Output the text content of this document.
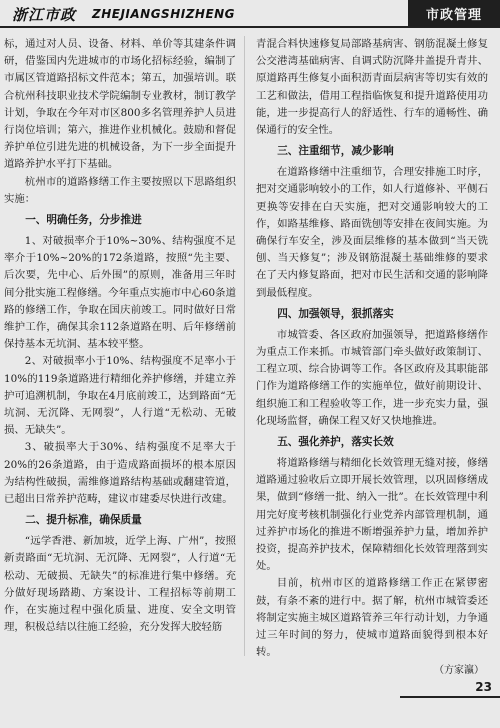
浙江市政 ZHEJIANGSHIZHENG	市政管理

标，通过对人员、设备、材料、单价等其建条件调研，借鉴国内先进城市的市场化招标经验，编制了市属区管道路招标文件范本；第五，加强培训。联合杭州科技职业技术学院编制专业教材，制订教学计划，争取在今年对市区800多名管理养护人员进行岗位培训；第六，推进作业机械化。鼓励和督促养护单位引进先进的机械设备，为下一步全面提升道路养护水平打下基础。

杭州市的道路修缮工作主要按照以下思路组织实施：

一、明确任务，分步推进

1、对破损率介于10%~30%、结构强度不足率介于10%~20%的172条道路，按照“先主要、后次要，先中心、后外围”的原则，准备用三年时间分批实施工程修缮。今年重点实施市中心60条道路的修缮工作，争取在国庆前竣工。同时做好日常维护工作，确保其余112条道路在明、后年修缮前保持基本无坑洞、基本较平整。

2、对破损率小于10%、结构强度不足率小于10%的119条道路进行精细化养护修缮，并建立养护可追溯机制，争取在4月底前竣工，达到路面“无坑洞、无沉降、无网裂”，人行道“无松动、无破损、无缺失”。

3、破损率大于30%、结构强度不足率大于20%的26条道路，由于造成路面损坏的根本原因为结构性破损，需维修道路结构基础或翻建管道，已超出日常养护范畴，建议市建委尽快进行改建。

二、提升标准，确保质量

“远学香港、新加坡，近学上海、广州”，按照新责路面“无坑洞、无沉降、无网裂”，人行道“无松动、无破损、无缺失”的标准进行集中修缮。充分做好现场踏勘、方案设计、工程招标等前期工作，在实施过程中强化质量、进度、安全文明管理，积极总结以往施工经验，充分发挥大胶轻筋

青混合料快速修复局部路基病害、钢筋混凝土修复公交港湾基础病害、自调式防沉降井盖提升青井、原道路再生修复小面积沥青面层病害等切实有效的工艺和做法，借用工程指临恢复和提升道路使用功能，进一步提高行人的舒适性、行车的通畅性、确保通行的安全性。

三、注重细节，减少影响

在道路修缮中注重细节，合理安排施工时序，把对交通影响较小的工作，如人行道修补、平侧石更换等安排在白天实施，把对交通影响较大的工作，如路基维修、路面铣刨等安排在夜间实施。为确保行车安全，涉及面层维修的基本做到“当天铣刨、当天修复”；涉及钢筋混凝土基础维修的要求在了天内修复路面，把对市民生活和交通的影响降到最低程度。

四、加强领导，狠抓落实

市城管委、各区政府加强领导，把道路修缮作为重点工作来抓。市城管部门牵头做好政策制订、工程立项、综合协调等工作。各区政府及其职能部门作为道路修缮工作的实施单位，做好前期设计、组织施工和工程验收等工作，进一步充实力量，强化现场监督，确保工程又好又快地推进。

五、强化养护，落实长效

将道路修缮与精细化长效管理无缝对接，修缮道路通过验收后立即开展长效管理，以巩固修缮成果，做到“修缮一批、纳入一批”。在长效管理中利用完好度考核机制强化行业党养内部管理机制，通过养护市场化的推进不断增强养护力量，增加养护投资，提高养护技术，保障精细化长效管理落到实处。

目前，杭州市区的道路修缮工作正在紧锣密鼓，有条不紊的进行中。据了解，杭州市城管委还将制定实施主城区道路管养三年行动计划，力争通过三年时间的努力，使城市道路面貌得到根本好转。

（方家瀛）

23
